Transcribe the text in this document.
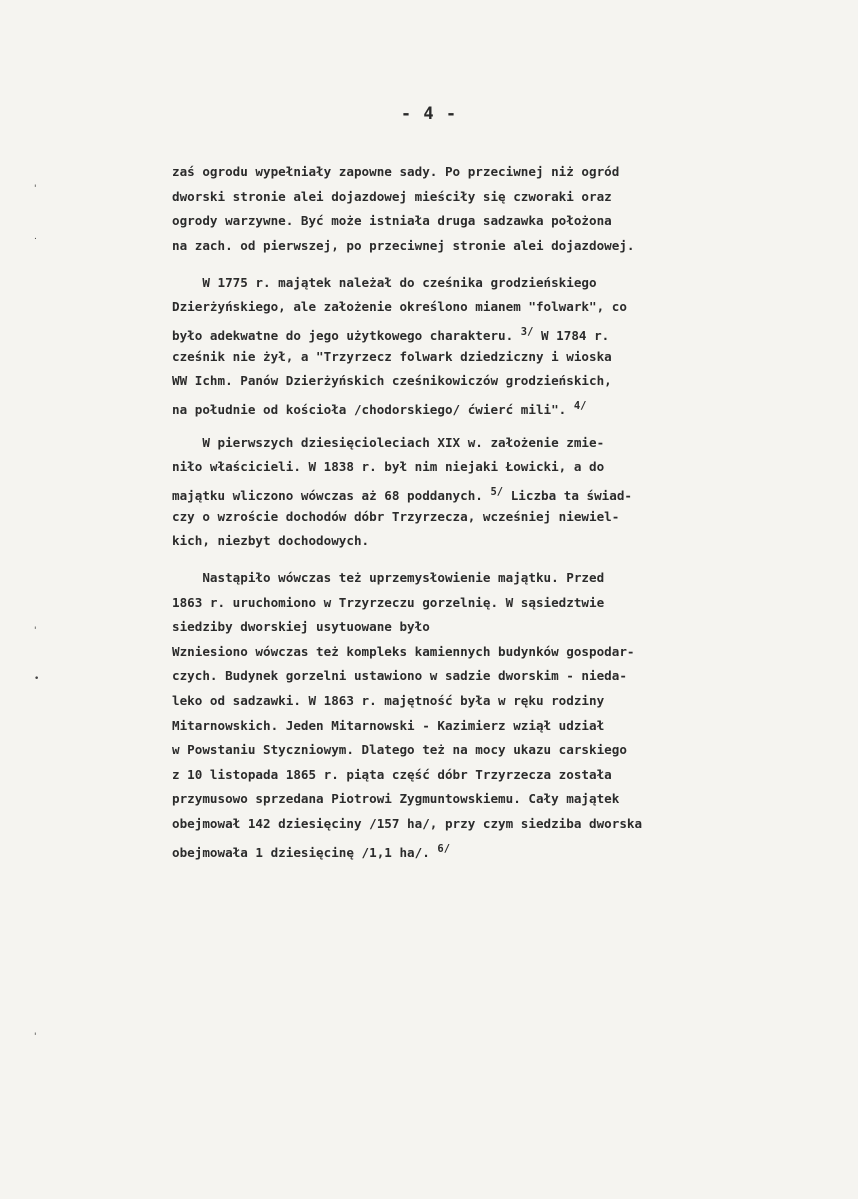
- 4 -
zaś ogrodu wypełniały zapowne sady. Po przeciwnej niż ogród
dworski stronie alei dojazdowej mieściły się czworaki oraz
ogrody warzywne. Być może istniała druga sadzawka położona
na zach. od pierwszej, po przeciwnej stronie alei dojazdowej.
W 1775 r. majątek należał do cześnika grodzieńskiego
Dzierżyńskiego, ale założenie określono mianem "folwark", co
było adekwatne do jego użytkowego charakteru. $^{3/}$ W 1784 r.
cześnik nie żył, a "Trzyrzecz folwark dziedziczny i wioska
WW Ichm. Panów Dzierżyńskich cześnikowiczów grodzieńskich,
na południe od kościoła /chodorskiego/ ćwierć mili". $^{4/}$
W pierwszych dziesięcioleciach XIX w. założenie zmie-
niło właścicieli. W 1838 r. był nim niejaki Łowicki, a do
majątku wliczono wówczas aż 68 poddanych. $^{5/}$ Liczba ta świad-
czy o wzroście dochodów dóbr Trzyrzecza, wcześniej niewiel-
kich, niezbyt dochodowych.
Nastąpiło wówczas też uprzemysłowienie majątku. Przed
1863 r. uruchomiono w Trzyrzeczu gorzelnię. W sąsiedztwie
siedziby dworskiej usytuowane było
Wzniesiono wówczas też kompleks kamiennych budynków gospodar-
czych. Budynek gorzelni ustawiono w sadzie dworskim - nieda-
leko od sadzawki. W 1863 r. majętność była w ręku rodziny
Mitarnowskich. Jeden Mitarnowski - Kazimierz wziął udział
w Powstaniu Styczniowym. Dlatego też na mocy ukazu carskiego
z 10 listopada 1865 r. piąta część dóbr Trzyrzecza została
przymusowo sprzedana Piotrowi Zygmuntowskiemu. Cały majątek
obejmował 142 dziesięciny /157 ha/, przy czym siedziba dworska
obejmowała 1 dziesięcinę /1,1 ha/. $^{6/}$
'
.
'
•
'
